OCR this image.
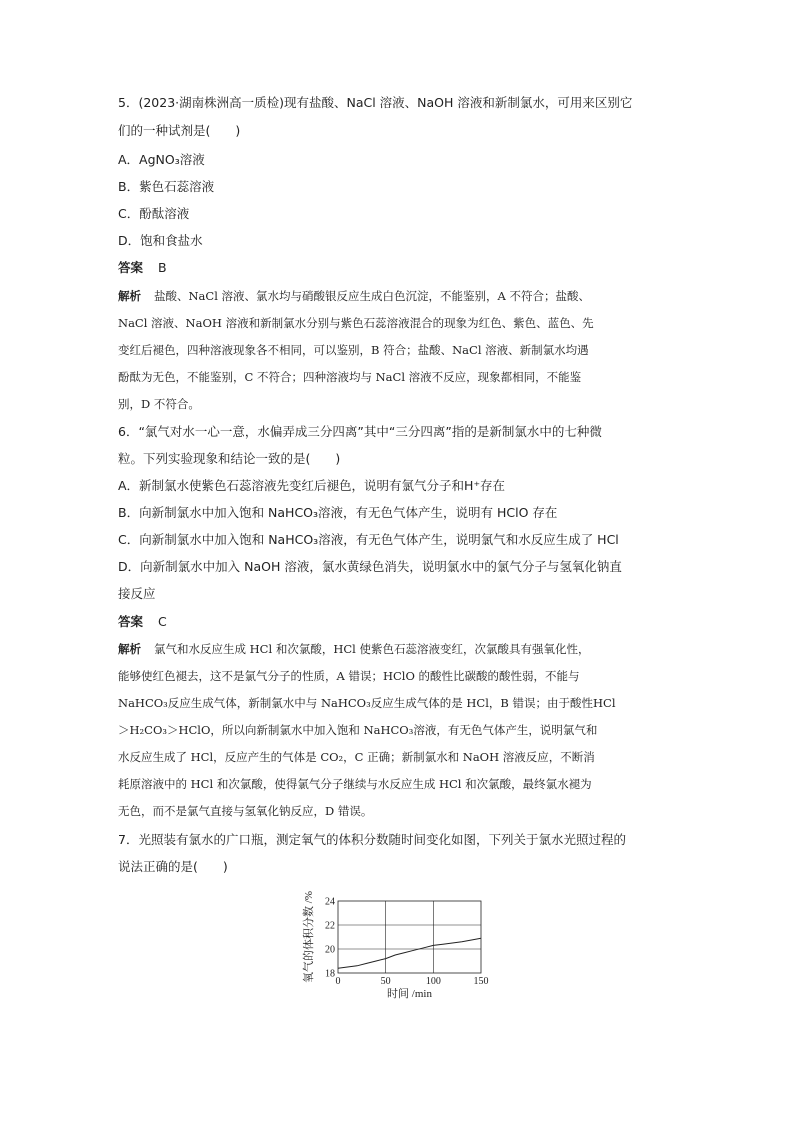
5．(2023·湖南株洲高一质检)现有盐酸、NaCl 溶液、NaOH 溶液和新制氯水，可用来区别它
们的一种试剂是(　　)
A．AgNO₃溶液
B．紫色石蕊溶液
C．酚酞溶液
D．饱和食盐水
答案 B
解析 盐酸、NaCl 溶液、氯水均与硝酸银反应生成白色沉淀，不能鉴别，A 不符合；盐酸、
NaCl 溶液、NaOH 溶液和新制氯水分别与紫色石蕊溶液混合的现象为红色、紫色、蓝色、先
变红后褪色，四种溶液现象各不相同，可以鉴别，B 符合；盐酸、NaCl 溶液、新制氯水均遇
酚酞为无色，不能鉴别，C 不符合；四种溶液均与 NaCl 溶液不反应，现象都相同，不能鉴
别，D 不符合。
6．“氯气对水一心一意，水偏弄成三分四离”其中“三分四离”指的是新制氯水中的七种微
粒。下列实验现象和结论一致的是(　　)
A．新制氯水使紫色石蕊溶液先变红后褪色，说明有氯气分子和H⁺存在
B．向新制氯水中加入饱和 NaHCO₃溶液，有无色气体产生，说明有 HClO 存在
C．向新制氯水中加入饱和 NaHCO₃溶液，有无色气体产生，说明氯气和水反应生成了 HCl
D．向新制氯水中加入 NaOH 溶液，氯水黄绿色消失，说明氯水中的氯气分子与氢氧化钠直
接反应
答案 C
解析 氯气和水反应生成 HCl 和次氯酸，HCl 使紫色石蕊溶液变红，次氯酸具有强氧化性，
能够使红色褪去，这不是氯气分子的性质，A 错误；HClO 的酸性比碳酸的酸性弱，不能与
NaHCO₃反应生成气体，新制氯水中与 NaHCO₃反应生成气体的是 HCl，B 错误；由于酸性HCl
＞H₂CO₃＞HClO，所以向新制氯水中加入饱和 NaHCO₃溶液，有无色气体产生，说明氯气和
水反应生成了 HCl，反应产生的气体是 CO₂，C 正确；新制氯水和 NaOH 溶液反应，不断消
耗原溶液中的 HCl 和次氯酸，使得氯气分子继续与水反应生成 HCl 和次氯酸，最终氯水褪为
无色，而不是氯气直接与氢氧化钠反应，D 错误。
7．光照装有氯水的广口瓶，测定氧气的体积分数随时间变化如图，下列关于氯水光照过程的
说法正确的是(　　)
0	50	100	150
18
20
22
24
时间 /min
氧气的体积分数 /%
